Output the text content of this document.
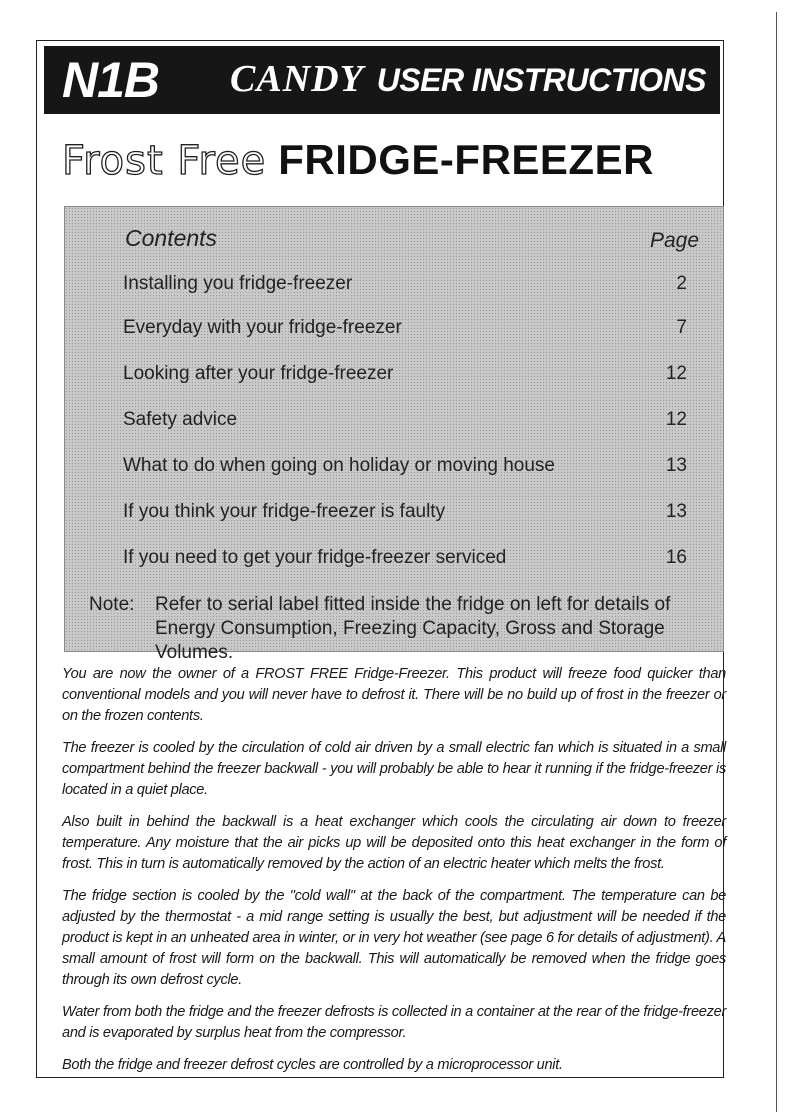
N1B CANDY USER INSTRUCTIONS
Frost Free FRIDGE-FREEZER
Contents	Page
Installing you fridge-freezer	2
Everyday with your fridge-freezer	7
Looking after your fridge-freezer	12
Safety advice	12
What to do when going on holiday or moving house	13
If you think your fridge-freezer is faulty	13
If you need to get your fridge-freezer serviced	16
Note: Refer to serial label fitted inside the fridge on left for details of Energy Consumption, Freezing Capacity, Gross and Storage Volumes.

You are now the owner of a FROST FREE Fridge-Freezer. This product will freeze food quicker than conventional models and you will never have to defrost it. There will be no build up of frost in the freezer or on the frozen contents.

The freezer is cooled by the circulation of cold air driven by a small electric fan which is situated in a small compartment behind the freezer backwall - you will probably be able to hear it running if the fridge-freezer is located in a quiet place.

Also built in behind the backwall is a heat exchanger which cools the circulating air down to freezer temperature. Any moisture that the air picks up will be deposited onto this heat exchanger in the form of frost. This in turn is automatically removed by the action of an electric heater which melts the frost.

The fridge section is cooled by the "cold wall" at the back of the compartment. The temperature can be adjusted by the thermostat - a mid range setting is usually the best, but adjustment will be needed if the product is kept in an unheated area in winter, or in very hot weather (see page 6 for details of adjustment). A small amount of frost will form on the backwall. This will automatically be removed when the fridge goes through its own defrost cycle.

Water from both the fridge and the freezer defrosts is collected in a container at the rear of the fridge-freezer and is evaporated by surplus heat from the compressor.

Both the fridge and freezer defrost cycles are controlled by a microprocessor unit.
